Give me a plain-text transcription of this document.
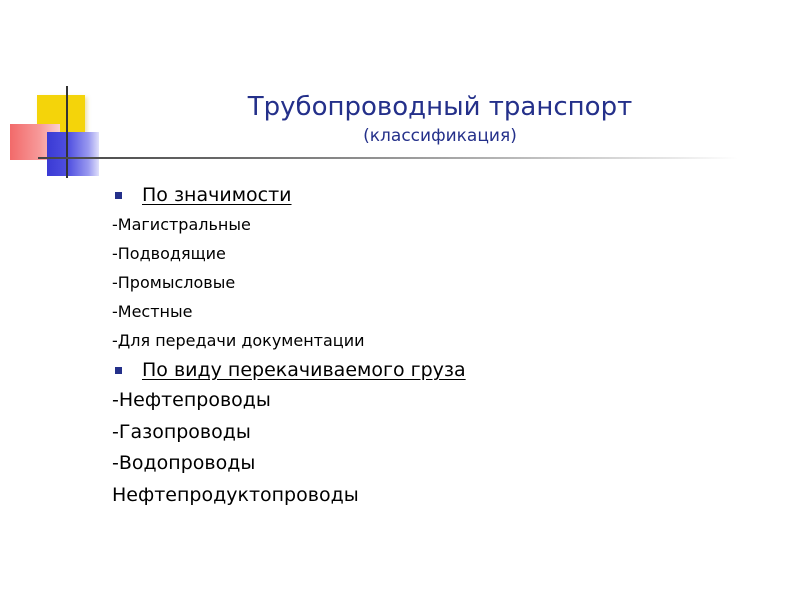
Трубопроводный транспорт
(классификация)
По значимости
-Магистральные
-Подводящие
-Промысловые
-Местные
-Для передачи документации
По виду перекачиваемого груза
-Нефтепроводы
-Газопроводы
-Водопроводы
Нефтепродуктопроводы
